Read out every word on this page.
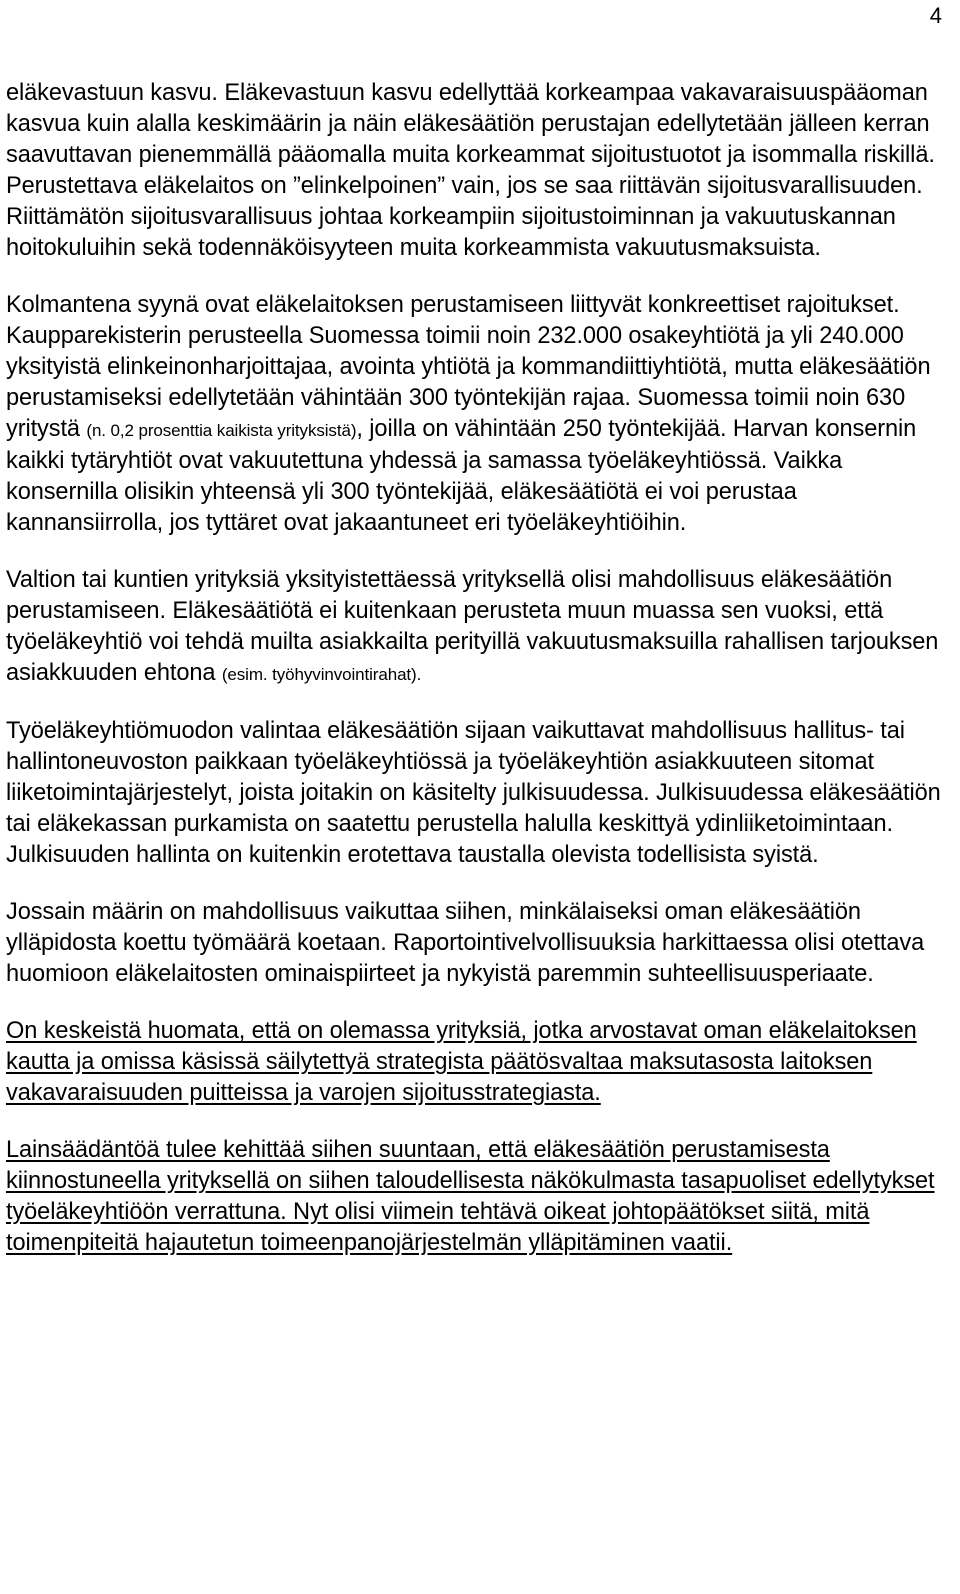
4

eläkevastuun kasvu. Eläkevastuun kasvu edellyttää korkeampaa vakavaraisuuspääoman kasvua kuin alalla keskimäärin ja näin eläkesäätiön perustajan edellytetään jälleen kerran saavuttavan pienemmällä pääomalla muita korkeammat sijoitustuotot ja isommalla riskillä. Perustettava eläkelaitos on ”elinkelpoinen” vain, jos se saa riittävän sijoitusvarallisuuden. Riittämätön sijoitusvarallisuus johtaa korkeampiin sijoitustoiminnan ja vakuutuskannan hoitokuluihin sekä todennäköisyyteen muita korkeammista vakuutusmaksuista.

Kolmantena syynä ovat eläkelaitoksen perustamiseen liittyvät konkreettiset rajoitukset. Kaupparekisterin perusteella Suomessa toimii noin 232.000 osakeyhtiötä ja yli 240.000 yksityistä elinkeinonharjoittajaa, avointa yhtiötä ja kommandiittiyhtiötä, mutta eläkesäätiön perustamiseksi edellytetään vähintään 300 työntekijän rajaa. Suomessa toimii noin 630 yritystä (n. 0,2 prosenttia kaikista yrityksistä), joilla on vähintään 250 työntekijää. Harvan konsernin kaikki tytäryhtiöt ovat vakuutettuna yhdessä ja samassa työeläkeyhtiössä. Vaikka konsernilla olisikin yhteensä yli 300 työntekijää, eläkesäätiötä ei voi perustaa kannansiirrolla, jos tyttäret ovat jakaantuneet eri työeläkeyhtiöihin.

Valtion tai kuntien yrityksiä yksityistettäessä yrityksellä olisi mahdollisuus eläkesäätiön perustamiseen. Eläkesäätiötä ei kuitenkaan perusteta muun muassa sen vuoksi, että työeläkeyhtiö voi tehdä muilta asiakkailta perityillä vakuutusmaksuilla rahallisen tarjouksen asiakkuuden ehtona (esim. työhyvinvointirahat).

Työeläkeyhtiömuodon valintaa eläkesäätiön sijaan vaikuttavat mahdollisuus hallitus- tai hallintoneuvoston paikkaan työeläkeyhtiössä ja työeläkeyhtiön asiakkuuteen sitomat liiketoimintajärjestelyt, joista joitakin on käsitelty julkisuudessa. Julkisuudessa eläkesäätiön tai eläkekassan purkamista on saatettu perustella halulla keskittyä ydinliiketoimintaan. Julkisuuden hallinta on kuitenkin erotettava taustalla olevista todellisista syistä.

Jossain määrin on mahdollisuus vaikuttaa siihen, minkälaiseksi oman eläkesäätiön ylläpidosta koettu työmäärä koetaan. Raportointivelvollisuuksia harkittaessa olisi otettava huomioon eläkelaitosten ominaispiirteet ja nykyistä paremmin suhteellisuusperiaate.

On keskeistä huomata, että on olemassa yrityksiä, jotka arvostavat oman eläkelaitoksen kautta ja omissa käsissä säilytettyä strategista päätösvaltaa maksutasosta laitoksen vakavaraisuuden puitteissa ja varojen sijoitusstrategiasta.

Lainsäädäntöä tulee kehittää siihen suuntaan, että eläkesäätiön perustamisesta kiinnostuneella yrityksellä on siihen taloudellisesta näkökulmasta tasapuoliset edellytykset työeläkeyhtiöön verrattuna. Nyt olisi viimein tehtävä oikeat johtopäätökset siitä, mitä toimenpiteitä hajautetun toimeenpanojärjestelmän ylläpitäminen vaatii.
